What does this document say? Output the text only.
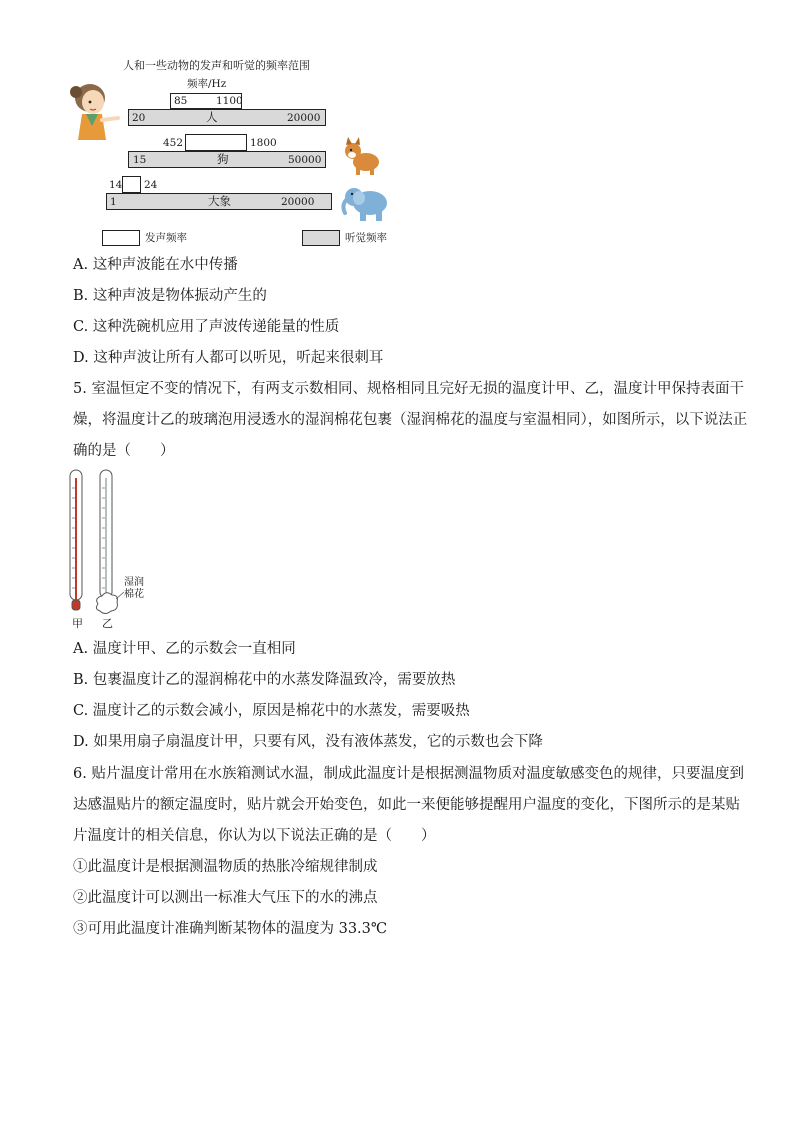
人和一些动物的发声和听觉的频率范围
频率/Hz
85	1100
20	人	20000
452	1800
15	狗	50000
14 24
1	大象	20000
发声频率	听觉频率
A. 这种声波能在水中传播
B. 这种声波是物体振动产生的
C. 这种洗碗机应用了声波传递能量的性质
D. 这种声波让所有人都可以听见，听起来很刺耳
5. 室温恒定不变的情况下，有两支示数相同、规格相同且完好无损的温度计甲、乙，温度计甲保持表面干
燥，将温度计乙的玻璃泡用浸透水的湿润棉花包裹（湿润棉花的温度与室温相同），如图所示，以下说法正
确的是（　　）
湿润
棉花
甲 乙
A. 温度计甲、乙的示数会一直相同
B. 包裹温度计乙的湿润棉花中的水蒸发降温致冷，需要放热
C. 温度计乙的示数会减小，原因是棉花中的水蒸发，需要吸热
D. 如果用扇子扇温度计甲，只要有风，没有液体蒸发，它的示数也会下降
6. 贴片温度计常用在水族箱测试水温，制成此温度计是根据测温物质对温度敏感变色的规律，只要温度到
达感温贴片的额定温度时，贴片就会开始变色，如此一来便能够提醒用户温度的变化，下图所示的是某贴
片温度计的相关信息，你认为以下说法正确的是（　　）
①此温度计是根据测温物质的热胀冷缩规律制成
②此温度计可以测出一标准大气压下的水的沸点
③可用此温度计准确判断某物体的温度为 33.3℃
